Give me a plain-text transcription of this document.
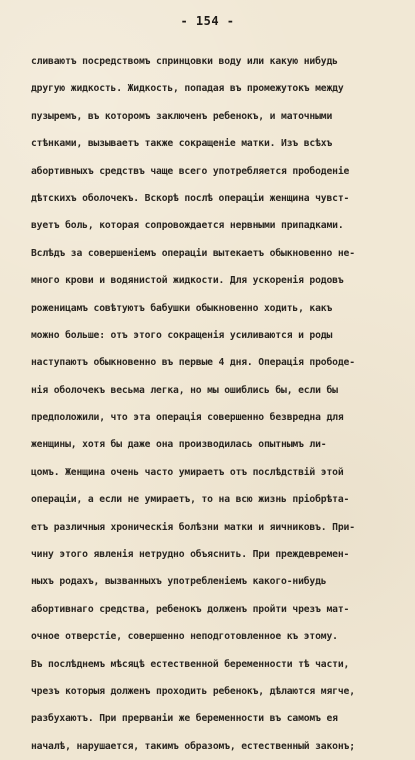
- 154 -
сливаютъ посредствомъ спринцовки воду или какую нибудь
другую жидкость. Жидкость, попадая въ промежутокъ между
пузыремъ, въ которомъ заключенъ ребенокъ, и маточными
стѣнками, вызываетъ также сокращенiе матки. Изъ всѣхъ
абортивныхъ средствъ чаще всего употребляется прободенiе
дѣтскихъ оболочекъ. Вскорѣ послѣ операцiи женщина чувст-
вуетъ боль, которая сопровождается нервными припадками.
Вслѣдъ за совершенiемъ операцiи вытекаетъ обыкновенно не-
много крови и водянистой жидкости. Для ускоренiя родовъ
роженицамъ совѣтуютъ бабушки обыкновенно ходить, какъ
можно больше: отъ этого сокращенiя усиливаются и роды
наступаютъ обыкновенно въ первые 4 дня. Операцiя прободе-
нiя оболочекъ весьма легка, но мы ошиблись бы, если бы
предположили, что эта операцiя совершенно безвредна для
женщины, хотя бы даже она производилась опытнымъ ли-
цомъ. Женщина очень часто умираетъ отъ послѣдствiй этой
операцiи, а если не умираетъ, то на всю жизнь прiобрѣта-
етъ различныя хроническiя болѣзни матки и яичниковъ. При-
чину этого явленiя нетрудно объяснить. При преждевремен-
ныхъ родахъ, вызванныхъ употребленiемъ какого-нибудь
абортивнаго средства, ребенокъ долженъ пройти чрезъ мат-
очное отверстiе, совершенно неподготовленное къ этому.
Въ послѣднемъ мѣсяцѣ естественной беременности тѣ части,
чрезъ которыя долженъ проходить ребенокъ, дѣлаются мягче,
разбухаютъ. При прерванiи же беременности въ самомъ ея
началѣ, нарушается, такимъ образомъ, естественный законъ;
